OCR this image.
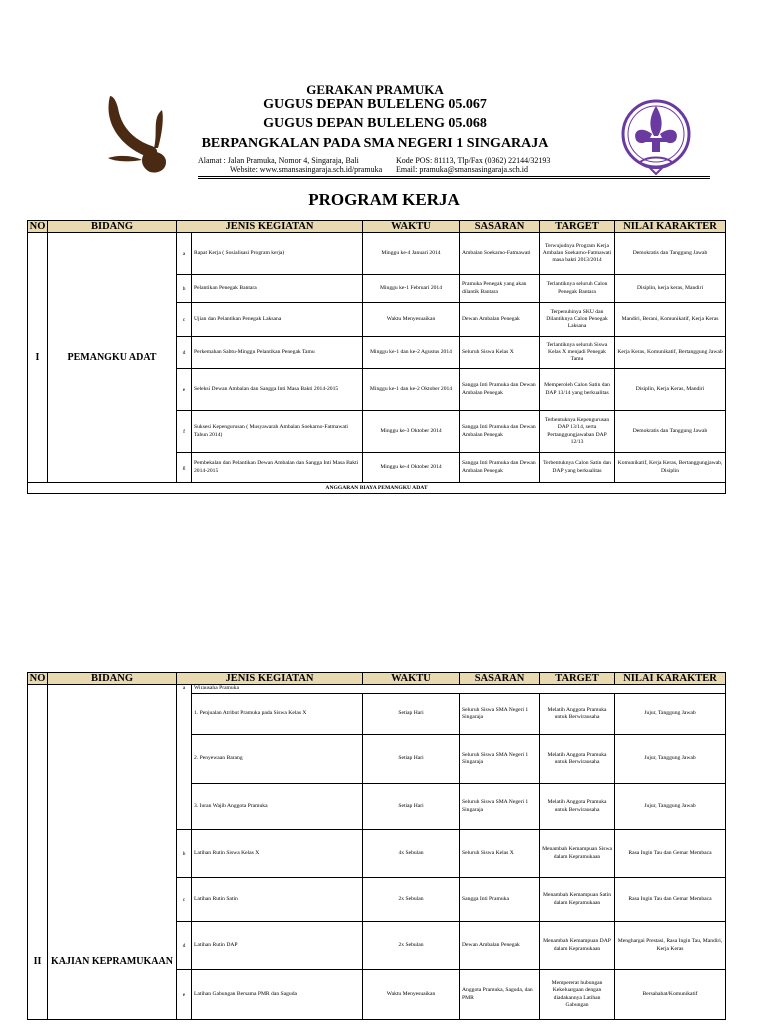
GERAKAN PRAMUKA
GUGUS DEPAN BULELENG 05.067
GUGUS DEPAN BULELENG 05.068
BERPANGKALAN PADA SMA NEGERI 1 SINGARAJA
Alamat : Jalan Pramuka, Nomor 4, Singaraja, Bali
Website: www.smansasingaraja.sch.id/pramuka
Kode POS: 81113, Tlp/Fax (0362) 22144/32193
Email: pramuka@smansasingaraja.sch.id
PROGRAM KERJA
NO	BIDANG	JENIS KEGIATAN		WAKTU	SASARAN	TARGET	NILAI KARAKTER
I	PEMANGKU ADAT	a	Rapat Kerja ( Sosialisasi Program kerja)	Minggu ke-4 Januari 2014	Ambalan Soekarno-Fatmawati	Terwujudnya Program Kerja Ambalan Soekarno-Fatmawati masa bakti 2013/2014	Demokratis dan Tanggung Jawab
		b	Pelantikan Penegak Bantara	Minggu ke-1 Februari 2014	Pramuka Penegak yang akan dilantik Bantara	Terlantiknya seluruh Calon Penegak Bantara	Disiplin, kerja keras, Mandiri
		c	Ujian dan Pelantikan Penegak Laksana	Waktu Menyesuaikan	Dewan Ambalan Penegak	Terpenuhinya SKU dan Dilantiknya Calon Penegak Laksana	Mandiri, Berani, Komunikatif, Kerja Keras
		d	Perkemahan Sabtu-Minggu Pelantikan Penegak Tamu	Minggu ke-1 dan ke-2 Agustus 2014	Seluruh Siswa Kelas X	Terlantiknya seluruh Siswa Kelas X menjadi Penegak Tamu	Kerja Keras, Komunikatif, Bertanggung Jawab
		e	Seleksi Dewan Ambalan dan Sangga Inti Masa Bakti 2014-2015	Minggu ke-1 dan ke-2 Oktober 2014	Sangga Inti Pramuka dan Dewan Ambalan Penegak	Memperoleh Calon Satin dan DAP 13/14 yang berkualitas	Disiplin, Kerja Keras, Mandiri
		f	Suksesi Kepengurusan ( Musyawarah Ambalan Soekarno-Fatmawati Tahun 2014)	Minggu ke-3 Oktober 2014	Sangga Inti Pramuka dan Dewan Ambalan Penegak	Terbentuknya Kepengurusan DAP 13/14, serta Pertanggungjawaban DAP 12/13	Demokratis dan Tanggung Jawab
		g	Pembekalan dan Pelantikan Dewan Ambalan dan Sangga Inti Masa Bakti 2014-2015	Minggu ke-4 Oktober 2014	Sangga Inti Pramuka dan Dewan Ambalan Penegak	Terbentuknya Calon Satin dan DAP yang berkualitas	Komunikatif, Kerja Keras, Bertanggungjawab, Disiplin
ANGGARAN BIAYA PEMANGKU ADAT							
NO	BIDANG	JENIS KEGIATAN		WAKTU	SASARAN	TARGET	NILAI KARAKTER
II	KAJIAN KEPRAMUKAAN	a	Wirausaha Pramuka				
			1. Penjualan Atribut Pramuka pada Siswa Kelas X	Setiap Hari	Seluruh Siswa SMA Negeri 1 Singaraja	Melatih Anggota Pramuka untuk Berwirausaha	Jujur, Tanggung Jawab
			2. Penyewaan Barang	Setiap Hari	Seluruh Siswa SMA Negeri 1 Singaraja	Melatih Anggota Pramuka untuk Berwirausaha	Jujur, Tanggung Jawab
			3. Iuran Wajib Anggota Pramuka	Setiap Hari	Seluruh Siswa SMA Negeri 1 Singaraja	Melatih Anggota Pramuka untuk Berwirausaha	Jujur, Tanggung Jawab
		b	Latihan Rutin Siswa Kelas X	4x Sebulan	Seluruh Siswa Kelas X	Menambah Kemampuan Siswa dalam Kepramukaan	Rasa Ingin Tau dan Gemar Membaca
		c	Latihan Rutin Satin	2x Sebulan	Sangga Inti Pramuka	Menambah Kemampuan Satin dalam Kepramukaan	Rasa Ingin Tau dan Gemar Membaca
		d	Latihan Rutin DAP	2x Sebulan	Dewan Ambalan Penegak	Menambah Kemampuan DAP dalam Kepramukaan	Menghargai Prestasi, Rasa Ingin Tau, Mandiri, Kerja Keras
		e	Latihan Gabungan Bersama PMR dan Saguda	Waktu Menyesuaikan	Anggota Pramuka, Saguda, dan PMR	Mempererat hubungan Kekeluargaan dengan diadakannya Latihan Gabungan	Bersahabat/Komunikatif
